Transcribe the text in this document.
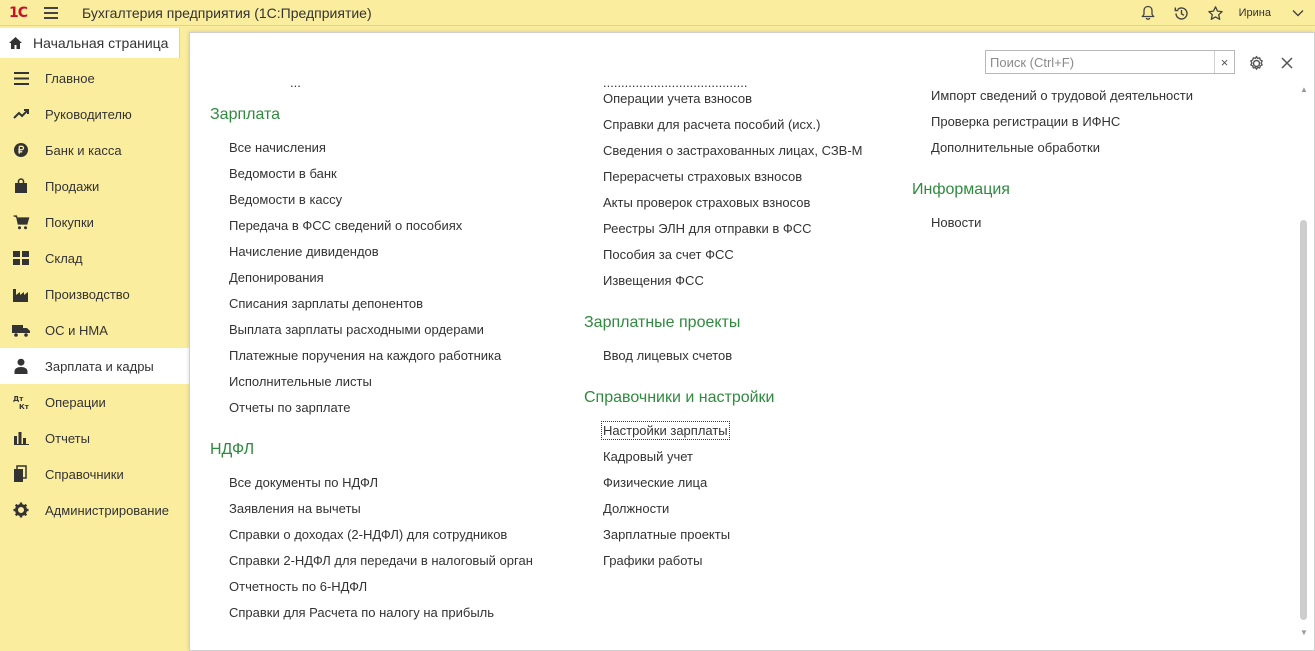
1С	Бухгалтерия предприятия (1С:Предприятие)	Ирина
Начальная страница
Главное
Руководителю
Банк и касса
Продажи
Покупки
Склад
Производство
ОС и НМА
Зарплата и кадры
Дт
Кт Операции
Отчеты
Справочники
Администрирование
Поиск (Ctrl+F)
×
...
Зарплата
Все начисления
Ведомости в банк
Ведомости в кассу
Передача в ФСС сведений о пособиях
Начисление дивидендов
Депонирования
Списания зарплаты депонентов
Выплата зарплаты расходными ордерами
Платежные поручения на каждого работника
Исполнительные листы
Отчеты по зарплате
НДФЛ
Все документы по НДФЛ
Заявления на вычеты
Справки о доходах (2-НДФЛ) для сотрудников
Справки 2-НДФЛ для передачи в налоговый орган
Отчетность по 6-НДФЛ
Справки для Расчета по налогу на прибыль
........................................
Операции учета взносов
Справки для расчета пособий (исх.)
Сведения о застрахованных лицах, СЗВ-М
Перерасчеты страховых взносов
Акты проверок страховых взносов
Реестры ЭЛН для отправки в ФСС
Пособия за счет ФСС
Извещения ФСС
Зарплатные проекты
Ввод лицевых счетов
Справочники и настройки
Настройки зарплаты
Кадровый учет
Физические лица
Должности
Зарплатные проекты
Графики работы
Импорт сведений о трудовой деятельности
Проверка регистрации в ИФНС
Дополнительные обработки
Информация
Новости
▲
▼
